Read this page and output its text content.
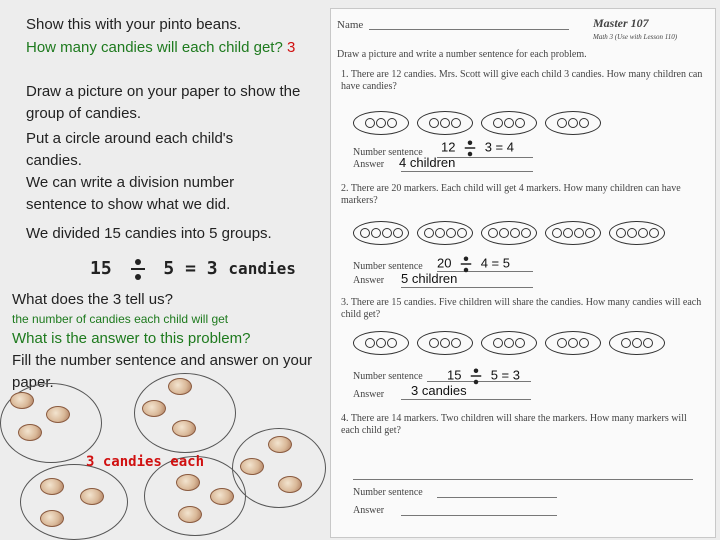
Show this with your pinto beans.

How many candies will each child get? 3

Draw a picture on your paper to show the group of candies.

Put a circle around each child's candies.

We can write a division number sentence to show what we did.

We divided 15 candies into 5 groups.

15	5 = 3 candies

What does the 3 tell us?

the number of candies each child will get

What is the answer to this problem?

Fill the number sentence and answer on your paper.

3 candies each

Name	Master 107

Math 3 (Use with Lesson 110)

Draw a picture and write a number sentence for each problem.

1. There are 12 candies. Mrs. Scott will give each child 3 candies. How many children can have candies?

Number sentence

Answer

12 3 = 4

4 children

2. There are 20 markers. Each child will get 4 markers. How many children can have markers?

Number sentence

Answer

20 4 = 5

5 children

3. There are 15 candies. Five children will share the candies. How many candies will each child get?

Number sentence

Answer

15 5 = 3

3 candies

4. There are 14 markers. Two children will share the markers. How many markers will each child get?

Number sentence

Answer
